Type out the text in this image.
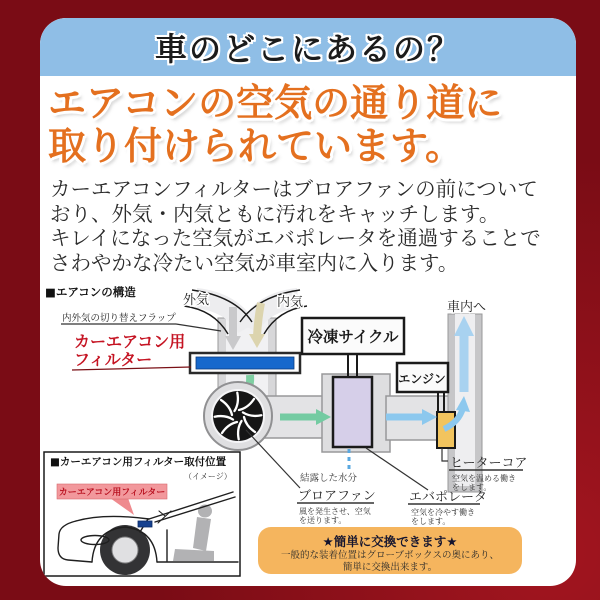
車のどこにあるの？
エアコンの空気の通り道に
取り付けられています。
カーエアコンフィルターはブロアファンの前について
おり、外気・内気ともに汚れをキャッチします。
キレイになった空気がエバポレータを通過することで
さわやかな冷たい空気が車室内に入ります。
■エアコンの構造
外気	内気
内外気の切り替えフラップ
カーエアコン用
フィルター
冷凍サイクル
エンジン
車内へ
結露した水分
ブロアファン
風を発生させ、空気
を送ります。
エバポレータ
空気を冷やす働き
をします。
ヒーターコア
空気を温める働き
をします。
■カーエアコン用フィルター取付位置
（イメージ）
カーエアコン用フィルター
★簡単に交換できます★
一般的な装着位置はグローブボックスの奥にあり、
簡単に交換出来ます。
